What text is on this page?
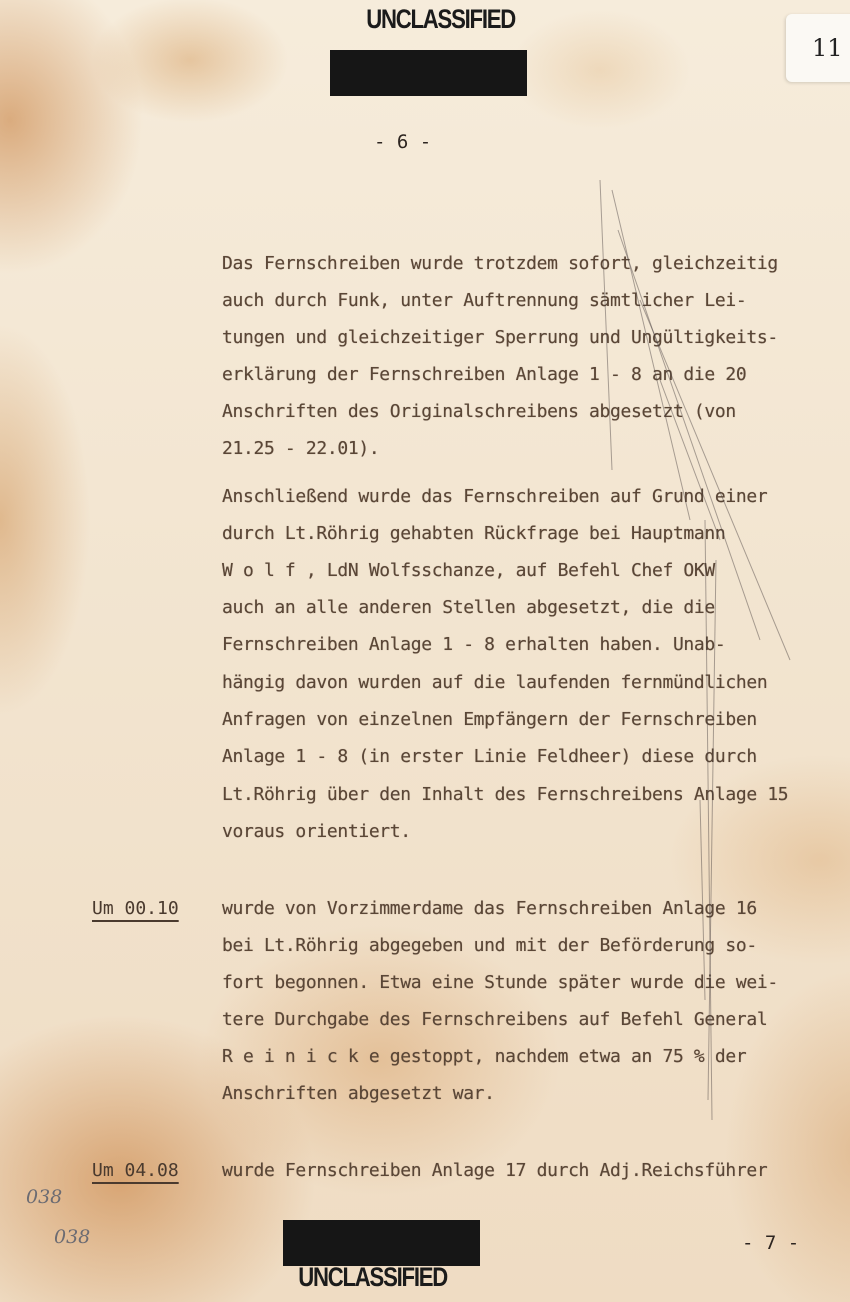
UNCLASSIFIED
11
- 6 -
Das Fernschreiben wurde trotzdem sofort, gleichzeitig
auch durch Funk, unter Auftrennung sämtlicher Lei-
tungen und gleichzeitiger Sperrung und Ungültigkeits-
erklärung der Fernschreiben Anlage 1 - 8 an die 20
Anschriften des Originalschreibens abgesetzt (von
21.25 - 22.01).
Anschließend wurde das Fernschreiben auf Grund einer
durch Lt.Röhrig gehabten Rückfrage bei Hauptmann
W o l f , LdN Wolfsschanze, auf Befehl Chef OKW
auch an alle anderen Stellen abgesetzt, die die
Fernschreiben Anlage 1 - 8 erhalten haben. Unab-
hängig davon wurden auf die laufenden fernmündlichen
Anfragen von einzelnen Empfängern der Fernschreiben
Anlage 1 - 8 (in erster Linie Feldheer) diese durch
Lt.Röhrig über den Inhalt des Fernschreibens Anlage 15
voraus orientiert.
Um 00.10 wurde von Vorzimmerdame das Fernschreiben Anlage 16
bei Lt.Röhrig abgegeben und mit der Beförderung so-
fort begonnen. Etwa eine Stunde später wurde die wei-
tere Durchgabe des Fernschreibens auf Befehl General
R e i n i c k e gestoppt, nachdem etwa an 75 % der
Anschriften abgesetzt war.
Um 04.08 wurde Fernschreiben Anlage 17 durch Adj.Reichsführer
038
038	- 7 -
UNCLASSIFIED
